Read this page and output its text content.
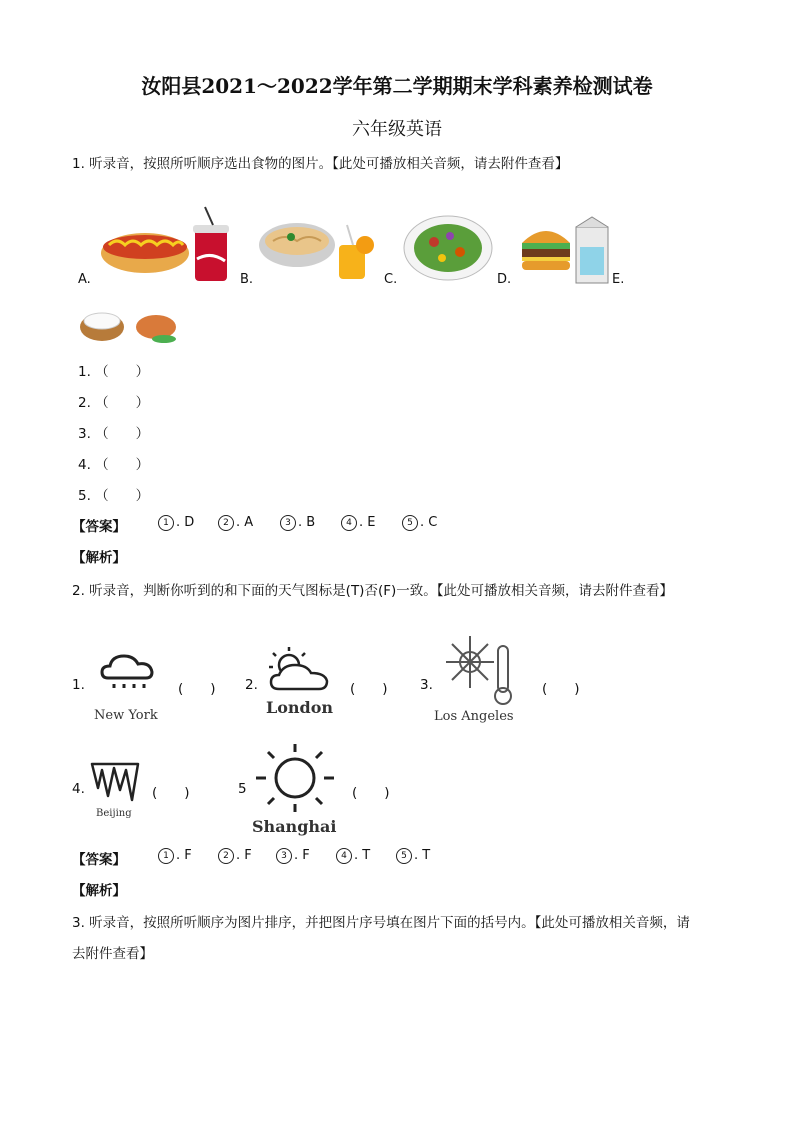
汝阳县2021～2022学年第二学期期末学科素养检测试卷
六年级英语
1. 听录音，按照所听顺序选出食物的图片。【此处可播放相关音频，请去附件查看】
A.	B.	C.	D.	E.
1. （　　）
2. （　　）
3. （　　）
4. （　　）
5. （　　）
【答案】	1 . D	2 . A	3 . B	4 . E	5 . C
【解析】
2. 听录音，判断你听到的和下面的天气图标是(T)否(F)一致。【此处可播放相关音频，请去附件查看】
1.
New York
(　　) 2.
London
(　　) 3.
Los Angeles
(　　)
4.
Beijing
(　　)	5
Shanghai
(　　)
【答案】	1 . F	2 . F	3 . F	4 . T	5 . T
【解析】
3. 听录音，按照所听顺序为图片排序，并把图片序号填在图片下面的括号内。【此处可播放相关音频，请
去附件查看】
